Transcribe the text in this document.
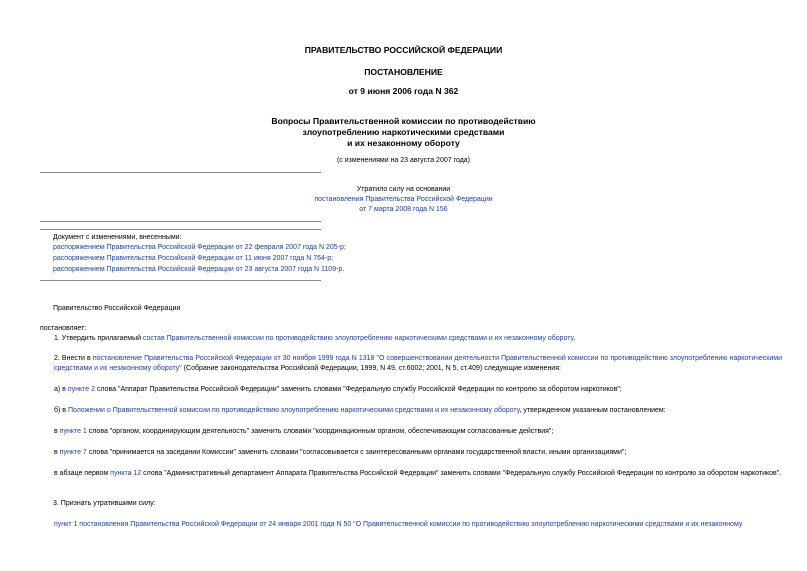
ПРАВИТЕЛЬСТВО РОССИЙСКОЙ ФЕДЕРАЦИИ
ПОСТАНОВЛЕНИЕ
от 9 июня 2006 года N 362
Вопросы Правительственной комиссии по противодействию
злоупотреблению наркотическими средствами
и их незаконному обороту
(с изменениями на 23 августа 2007 года)
Утратило силу на основании
постановления Правительства Российской Федерации
от 7 марта 2008 года N 156
Документ с изменениями, внесенными:
распоряжением Правительства Российской Федерации от 22 февраля 2007 года N 205-р;
распоряжением Правительства Российской Федерации от 11 июня 2007 года N 764-р;
распоряжением Правительства Российской Федерации от 23 августа 2007 года N 1109-р.
Правительство Российской Федерации
постановляет:
1. Утвердить прилагаемый состав Правительственной комиссии по противодействию злоупотреблению наркотическими средствами и их незаконному обороту.
2. Внести в постановление Правительства Российской Федерации от 30 ноября 1999 года N 1318 "О совершенствовании деятельности Правительственной комиссии по противодействию злоупотреблению наркотическими средствами и их незаконному обороту" (Собрание законодательства Российской Федерации, 1999, N 49, ст.6002; 2001, N 5, ст.409) следующие изменения:
а) в пункте 2 слова "Аппарат Правительства Российской Федерации" заменить словами "Федеральную службу Российской Федерации по контролю за оборотом наркотиков";
б) в Положении о Правительственной комиссии по противодействию злоупотреблению наркотическими средствами и их незаконному обороту, утвержденном указанным постановлением:
в пункте 1 слова "органом, координирующим деятельность" заменить словами "координационным органом, обеспечивающим согласованные действия";
в пункте 7 слова "принимается на заседании Комиссии" заменить словами "согласовывается с заинтересованными органами государственной власти, иными организациями";
в абзаце первом пункта 12 слова "Административный департамент Аппарата Правительства Российской Федерации" заменить словами "Федеральную службу Российской Федерации по контролю за оборотом наркотиков".
3. Признать утратившими силу:
пункт 1 постановления Правительства Российской Федерации от 24 января 2001 года N 50 "О Правительственной комиссии по противодействию злоупотреблению наркотическими средствами и их незаконному
